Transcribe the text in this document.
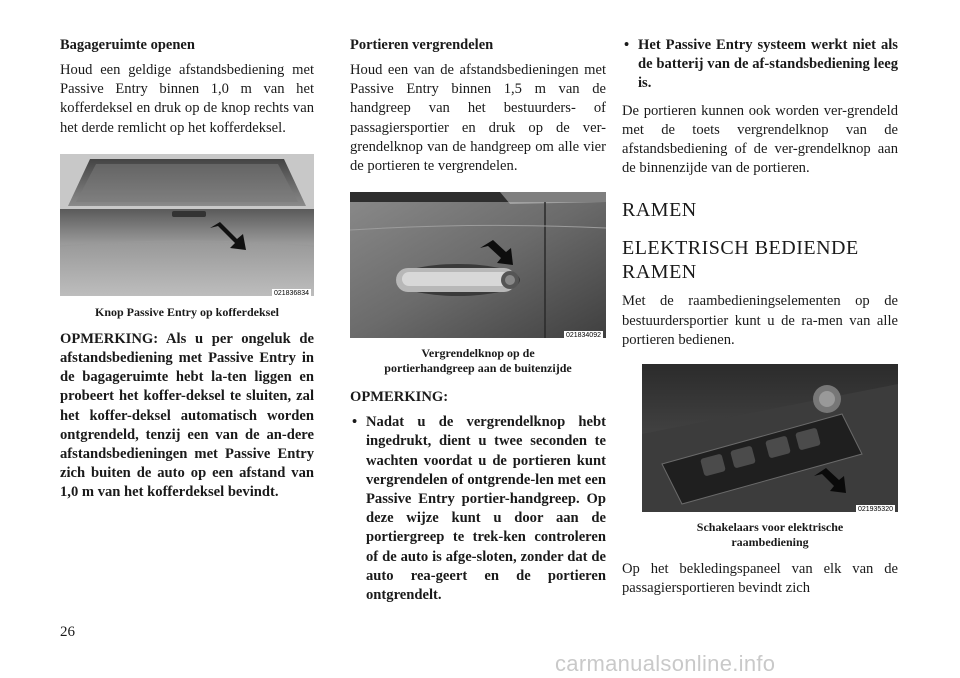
Bagageruimte openen

Houd een geldige afstandsbediening met Passive Entry binnen 1,0 m van het kofferdeksel en druk op de knop rechts van het derde remlicht op het kofferdeksel.

021836834
Knop Passive Entry op kofferdeksel

OPMERKING: Als u per ongeluk de afstandsbediening met Passive Entry in de bagageruimte hebt la-ten liggen en probeert het koffer-deksel te sluiten, zal het koffer-deksel automatisch worden ontgrendeld, tenzij een van de an-dere afstandsbedieningen met Passive Entry zich buiten de auto op een afstand van 1,0 m van het kofferdeksel bevindt.

Portieren vergrendelen

Houd een van de afstandsbedieningen met Passive Entry binnen 1,5 m van de handgreep van het bestuurders- of passagiersportier en druk op de ver-grendelknop van de handgreep om alle vier de portieren te vergrendelen.

021834092
Vergrendelknop op de
portierhandgreep aan de buitenzijde
OPMERKING:
• Nadat u de vergrendelknop hebt ingedrukt, dient u twee seconden te wachten voordat u de portieren kunt vergrendelen of ontgrende-len met een Passive Entry portier-handgreep. Op deze wijze kunt u door aan de portiergreep te trek-ken controleren of de auto is afge-sloten, zonder dat de auto rea-geert en de portieren ontgrendelt.
• Het Passive Entry systeem werkt niet als de batterij van de af-standsbediening leeg is.

De portieren kunnen ook worden ver-grendeld met de toets vergrendelknop van de afstandsbediening of de ver-grendelknop aan de binnenzijde van de portieren.

RAMEN
ELEKTRISCH BEDIENDE
RAMEN

Met de raambedieningselementen op de bestuurdersportier kunt u de ra-men van alle portieren bedienen.

021935320
Schakelaars voor elektrische
raambediening

Op het bekledingspaneel van elk van de passagiersportieren bevindt zich

26
carmanualsonline.info
